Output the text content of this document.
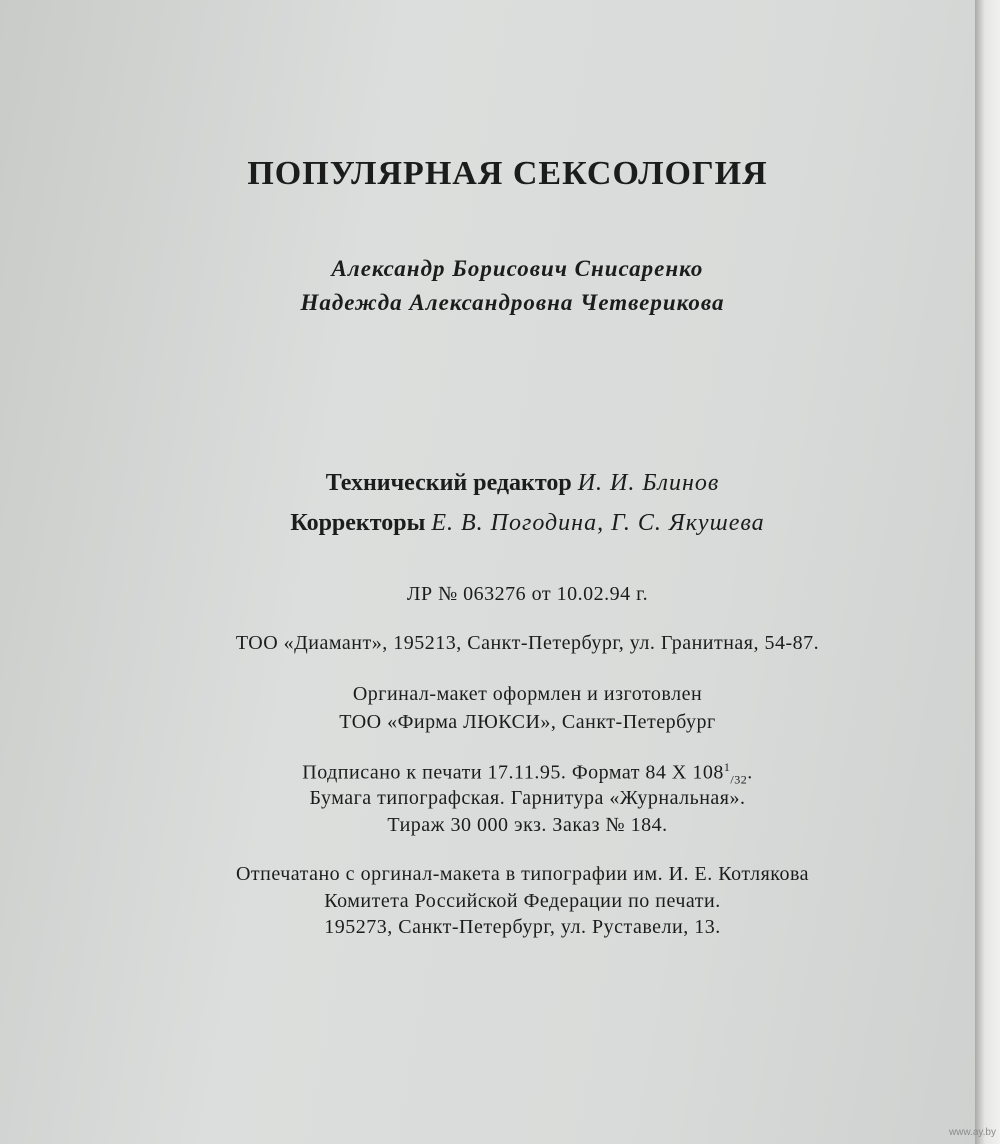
ПОПУЛЯРНАЯ СЕКСОЛОГИЯ
Александр Борисович Снисаренко
Надежда Александровна Четверикова
Технический редактор И. И. Блинов
Корректоры Е. В. Погодина, Г. С. Якушева
ЛР № 063276 от 10.02.94 г.
ТОО «Диамант», 195213, Санкт-Петербург, ул. Гранитная, 54-87.
Оргинал-макет оформлен и изготовлен
ТОО «Фирма ЛЮКСИ», Санкт-Петербург
Подписано к печати 17.11.95. Формат 84 X $108^1_{/32}$.
Бумага типографская. Гарнитура «Журнальная».
Тираж 30 000 экз. Заказ № 184.
Отпечатано с оргинал-макета в типографии им. И. Е. Котлякова
Комитета Российской Федерации по печати.
195273, Санкт-Петербург, ул. Руставели, 13.
www.ay.by
